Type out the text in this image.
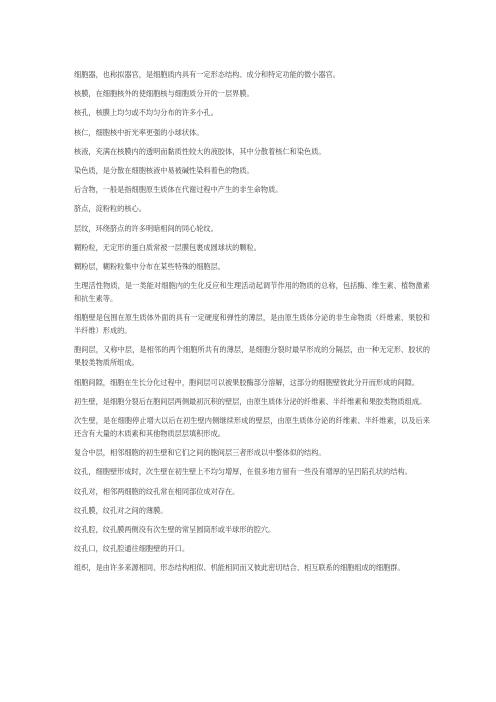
细胞器，也称拟器官，是细胞质内具有一定形态结构、成分和特定功能的微小器官。

核膜，在细胞核外的使细胞核与细胞质分开的一层界膜。

核孔，核膜上均匀或不均匀分布的许多小孔。

核仁，细胞核中折光率更强的小球状体。

核液，充满在核膜内的透明而黏质性较大的液胶体，其中分散着核仁和染色质。

染色质，是分散在细胞核液中易被碱性染料着色的物质。

后含物，一般是指细胞原生质体在代谢过程中产生的非生命物质。

脐点，淀粉粒的核心。

层纹，环绕脐点的许多明暗相间的同心轮纹。

糊粉粒，无定形的蛋白质常被一层膜包裹成圆球状的颗粒。

糊粉层，糊粉粒集中分布在某些特殊的细胞层。

生理活性物质，是一类能对细胞内的生化反应和生理活动起调节作用的物质的总称，包括酶、维生素、植物激素和抗生素等。

细胞壁是包围在原生质体外面的具有一定硬度和弹性的薄层，是由原生质体分泌的非生命物质（纤维素、果胶和半纤维）形成的。

胞间层，又称中层，是相邻的两个细胞所共有的薄层，是细胞分裂时最早形成的分隔层，由一种无定形、胶状的果胶类物质所组成。

细胞间隙，细胞在生长分化过程中，胞间层可以被果胶酶部分溶解，这部分的细胞壁彼此分开而形成的间隙。

初生壁，是细胞分裂后在胞间层两侧最初沉积的壁层，由原生质体分泌的纤维素、半纤维素和果胶类物质组成。

次生壁，是在细胞停止增大以后在初生壁内侧继续形成的壁层，由原生质体分泌的纤维素、半纤维素，以及后来还含有大量的木质素和其他物质层层填积形成。

复合中层，相邻细胞的初生壁和它们之间的胞间层三者形成以中整体似的结构。

纹孔，细胞壁形成时，次生壁在初生壁上不均匀增厚，在很多地方留有一些没有增厚的呈凹陷孔状的结构。

纹孔对，相邻两细胞的纹孔常在相同部位成对存在。

纹孔膜，纹孔对之间的薄膜。

纹孔腔，纹孔膜两侧没有次生壁的常呈圆筒形或半球形的腔穴。

纹孔口，纹孔腔通往细胞壁的开口。

组织，是由许多来源相同、形态结构相似、机能相同而又彼此密切结合、相互联系的细胞组成的细胞群。
